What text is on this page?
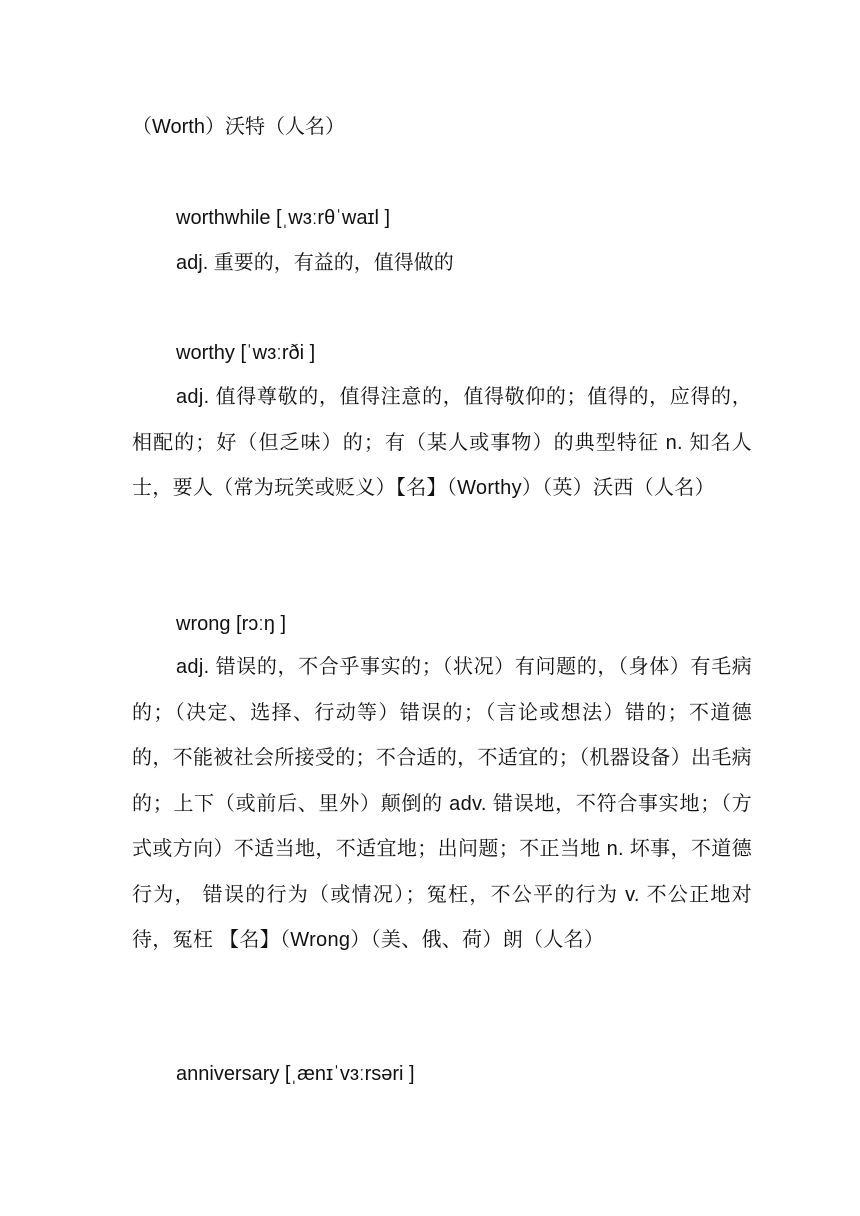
（Worth）沃特（人名）
worthwhile [ˌwɜːrθˈwaɪl ]
adj. 重要的，有益的，值得做的
worthy [ˈwɜːrði ]
adj. 值得尊敬的，值得注意的，值得敬仰的；值得的，应得的，相配的；好（但乏味）的；有（某人或事物）的典型特征 n. 知名人士，要人（常为玩笑或贬义）【名】（Worthy）（英）沃西（人名）
wrong [rɔːŋ ]
adj. 错误的，不合乎事实的；（状况）有问题的，（身体）有毛病的；（决定、选择、行动等）错误的；（言论或想法）错的；不道德的，不能被社会所接受的；不合适的，不适宜的；（机器设备）出毛病的；上下（或前后、里外）颠倒的 adv. 错误地，不符合事实地；（方式或方向）不适当地，不适宜地；出问题；不正当地 n. 坏事，不道德行为， 错误的行为（或情况）；冤枉，不公平的行为 v. 不公正地对待，冤枉 【名】（Wrong）（美、俄、荷）朗（人名）
anniversary [ˌænɪˈvɜːrsəri ]
